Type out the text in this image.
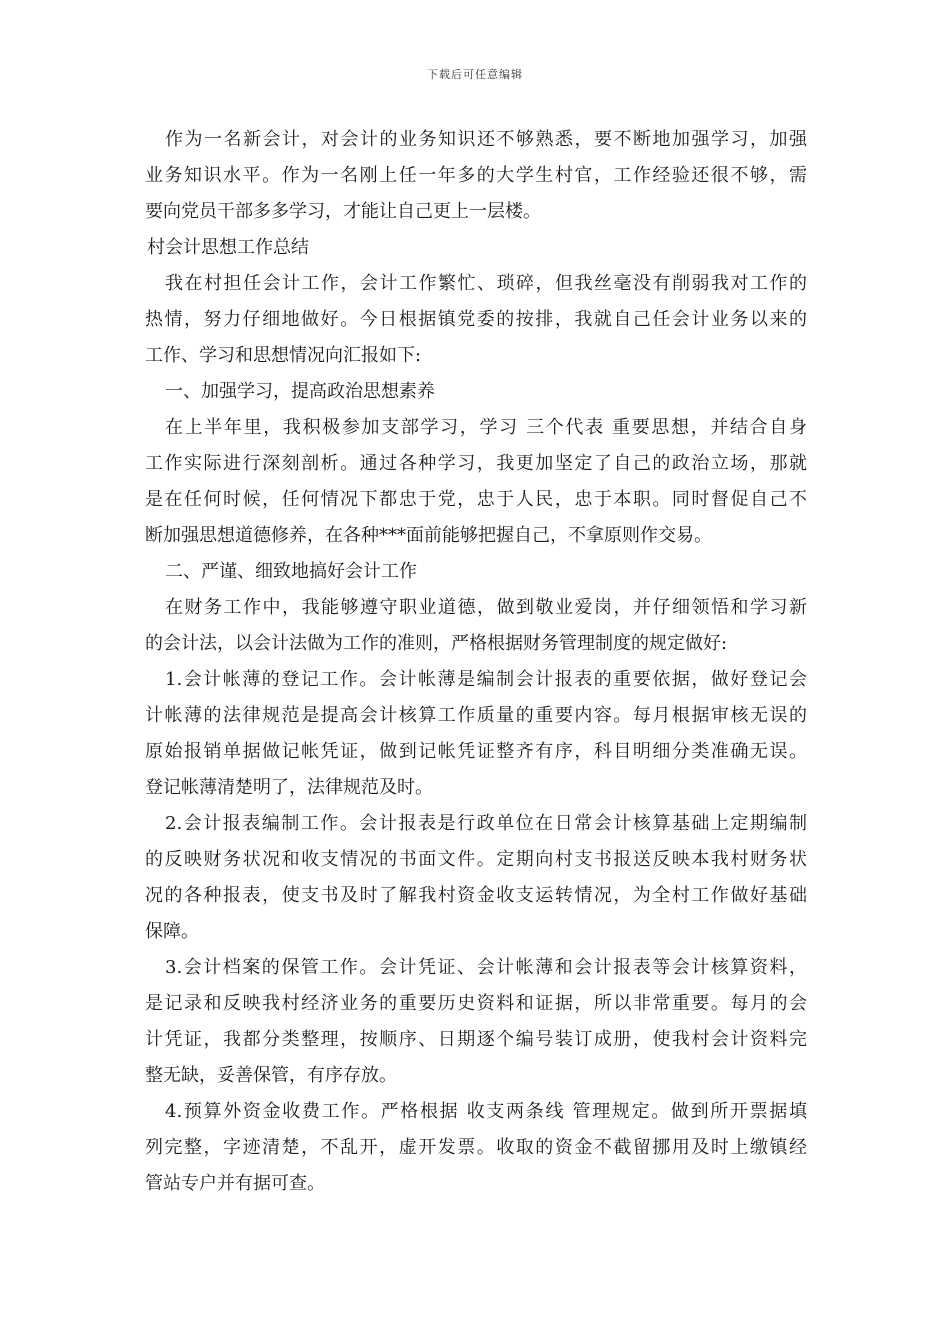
下载后可任意编辑
作为一名新会计，对会计的业务知识还不够熟悉，要不断地加强学习，加强
业务知识水平。作为一名刚上任一年多的大学生村官，工作经验还很不够，需
要向党员干部多多学习，才能让自己更上一层楼。
村会计思想工作总结
我在村担任会计工作，会计工作繁忙、琐碎，但我丝毫没有削弱我对工作的
热情，努力仔细地做好。今日根据镇党委的按排，我就自己任会计业务以来的
工作、学习和思想情况向汇报如下:
一、加强学习，提高政治思想素养
在上半年里，我积极参加支部学习，学习 三个代表 重要思想，并结合自身
工作实际进行深刻剖析。通过各种学习，我更加坚定了自己的政治立场，那就
是在任何时候，任何情况下都忠于党，忠于人民，忠于本职。同时督促自己不
断加强思想道德修养，在各种***面前能够把握自己，不拿原则作交易。
二、严谨、细致地搞好会计工作
在财务工作中，我能够遵守职业道德，做到敬业爱岗，并仔细领悟和学习新
的会计法，以会计法做为工作的准则，严格根据财务管理制度的规定做好:
1.会计帐薄的登记工作。会计帐薄是编制会计报表的重要依据，做好登记会
计帐薄的法律规范是提高会计核算工作质量的重要内容。每月根据审核无误的
原始报销单据做记帐凭证，做到记帐凭证整齐有序，科目明细分类准确无误。
登记帐薄清楚明了，法律规范及时。
2.会计报表编制工作。会计报表是行政单位在日常会计核算基础上定期编制
的反映财务状况和收支情况的书面文件。定期向村支书报送反映本我村财务状
况的各种报表，使支书及时了解我村资金收支运转情况，为全村工作做好基础
保障。
3.会计档案的保管工作。会计凭证、会计帐薄和会计报表等会计核算资料，
是记录和反映我村经济业务的重要历史资料和证据，所以非常重要。每月的会
计凭证，我都分类整理，按顺序、日期逐个编号装订成册，使我村会计资料完
整无缺，妥善保管，有序存放。
4.预算外资金收费工作。严格根据 收支两条线 管理规定。做到所开票据填
列完整，字迹清楚，不乱开，虚开发票。收取的资金不截留挪用及时上缴镇经
管站专户并有据可查。
